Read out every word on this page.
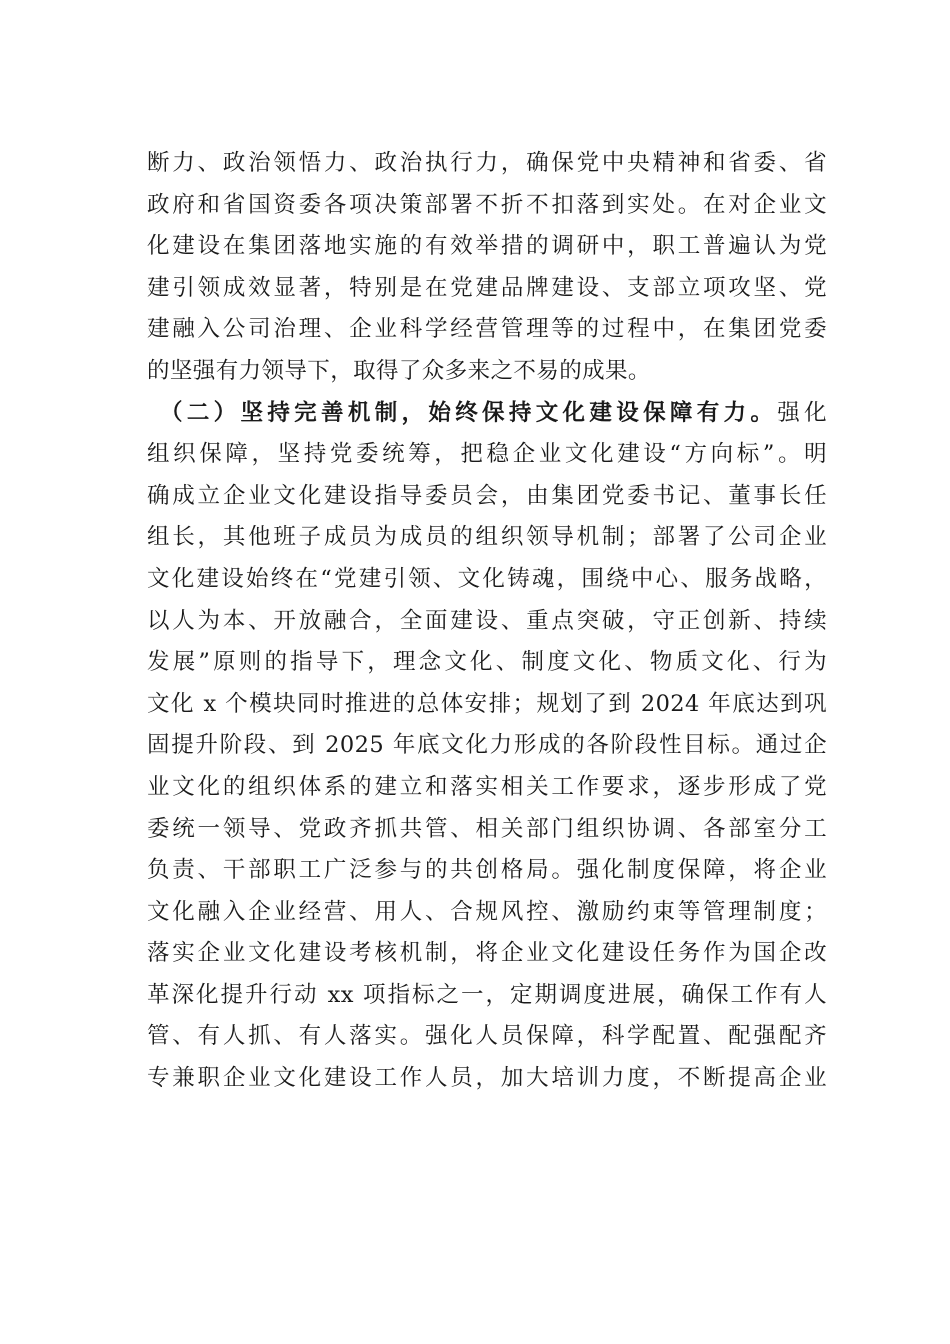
断力、政治领悟力、政治执行力，确保党中央精神和省委、省
政府和省国资委各项决策部署不折不扣落到实处。在对企业文
化建设在集团落地实施的有效举措的调研中，职工普遍认为党
建引领成效显著，特别是在党建品牌建设、支部立项攻坚、党
建融入公司治理、企业科学经营管理等的过程中，在集团党委
的坚强有力领导下，取得了众多来之不易的成果。
（二）坚持完善机制，始终保持文化建设保障有力。强化
组织保障，坚持党委统筹，把稳企业文化建设“方向标”。明
确成立企业文化建设指导委员会，由集团党委书记、董事长任
组长，其他班子成员为成员的组织领导机制；部署了公司企业
文化建设始终在“党建引领、文化铸魂，围绕中心、服务战略，
以人为本、开放融合，全面建设、重点突破，守正创新、持续
发展”原则的指导下，理念文化、制度文化、物质文化、行为
文化 x 个模块同时推进的总体安排；规划了到 2024 年底达到巩
固提升阶段、到 2025 年底文化力形成的各阶段性目标。通过企
业文化的组织体系的建立和落实相关工作要求，逐步形成了党
委统一领导、党政齐抓共管、相关部门组织协调、各部室分工
负责、干部职工广泛参与的共创格局。强化制度保障，将企业
文化融入企业经营、用人、合规风控、激励约束等管理制度；
落实企业文化建设考核机制，将企业文化建设任务作为国企改
革深化提升行动 xx 项指标之一，定期调度进展，确保工作有人
管、有人抓、有人落实。强化人员保障，科学配置、配强配齐
专兼职企业文化建设工作人员，加大培训力度，不断提高企业
